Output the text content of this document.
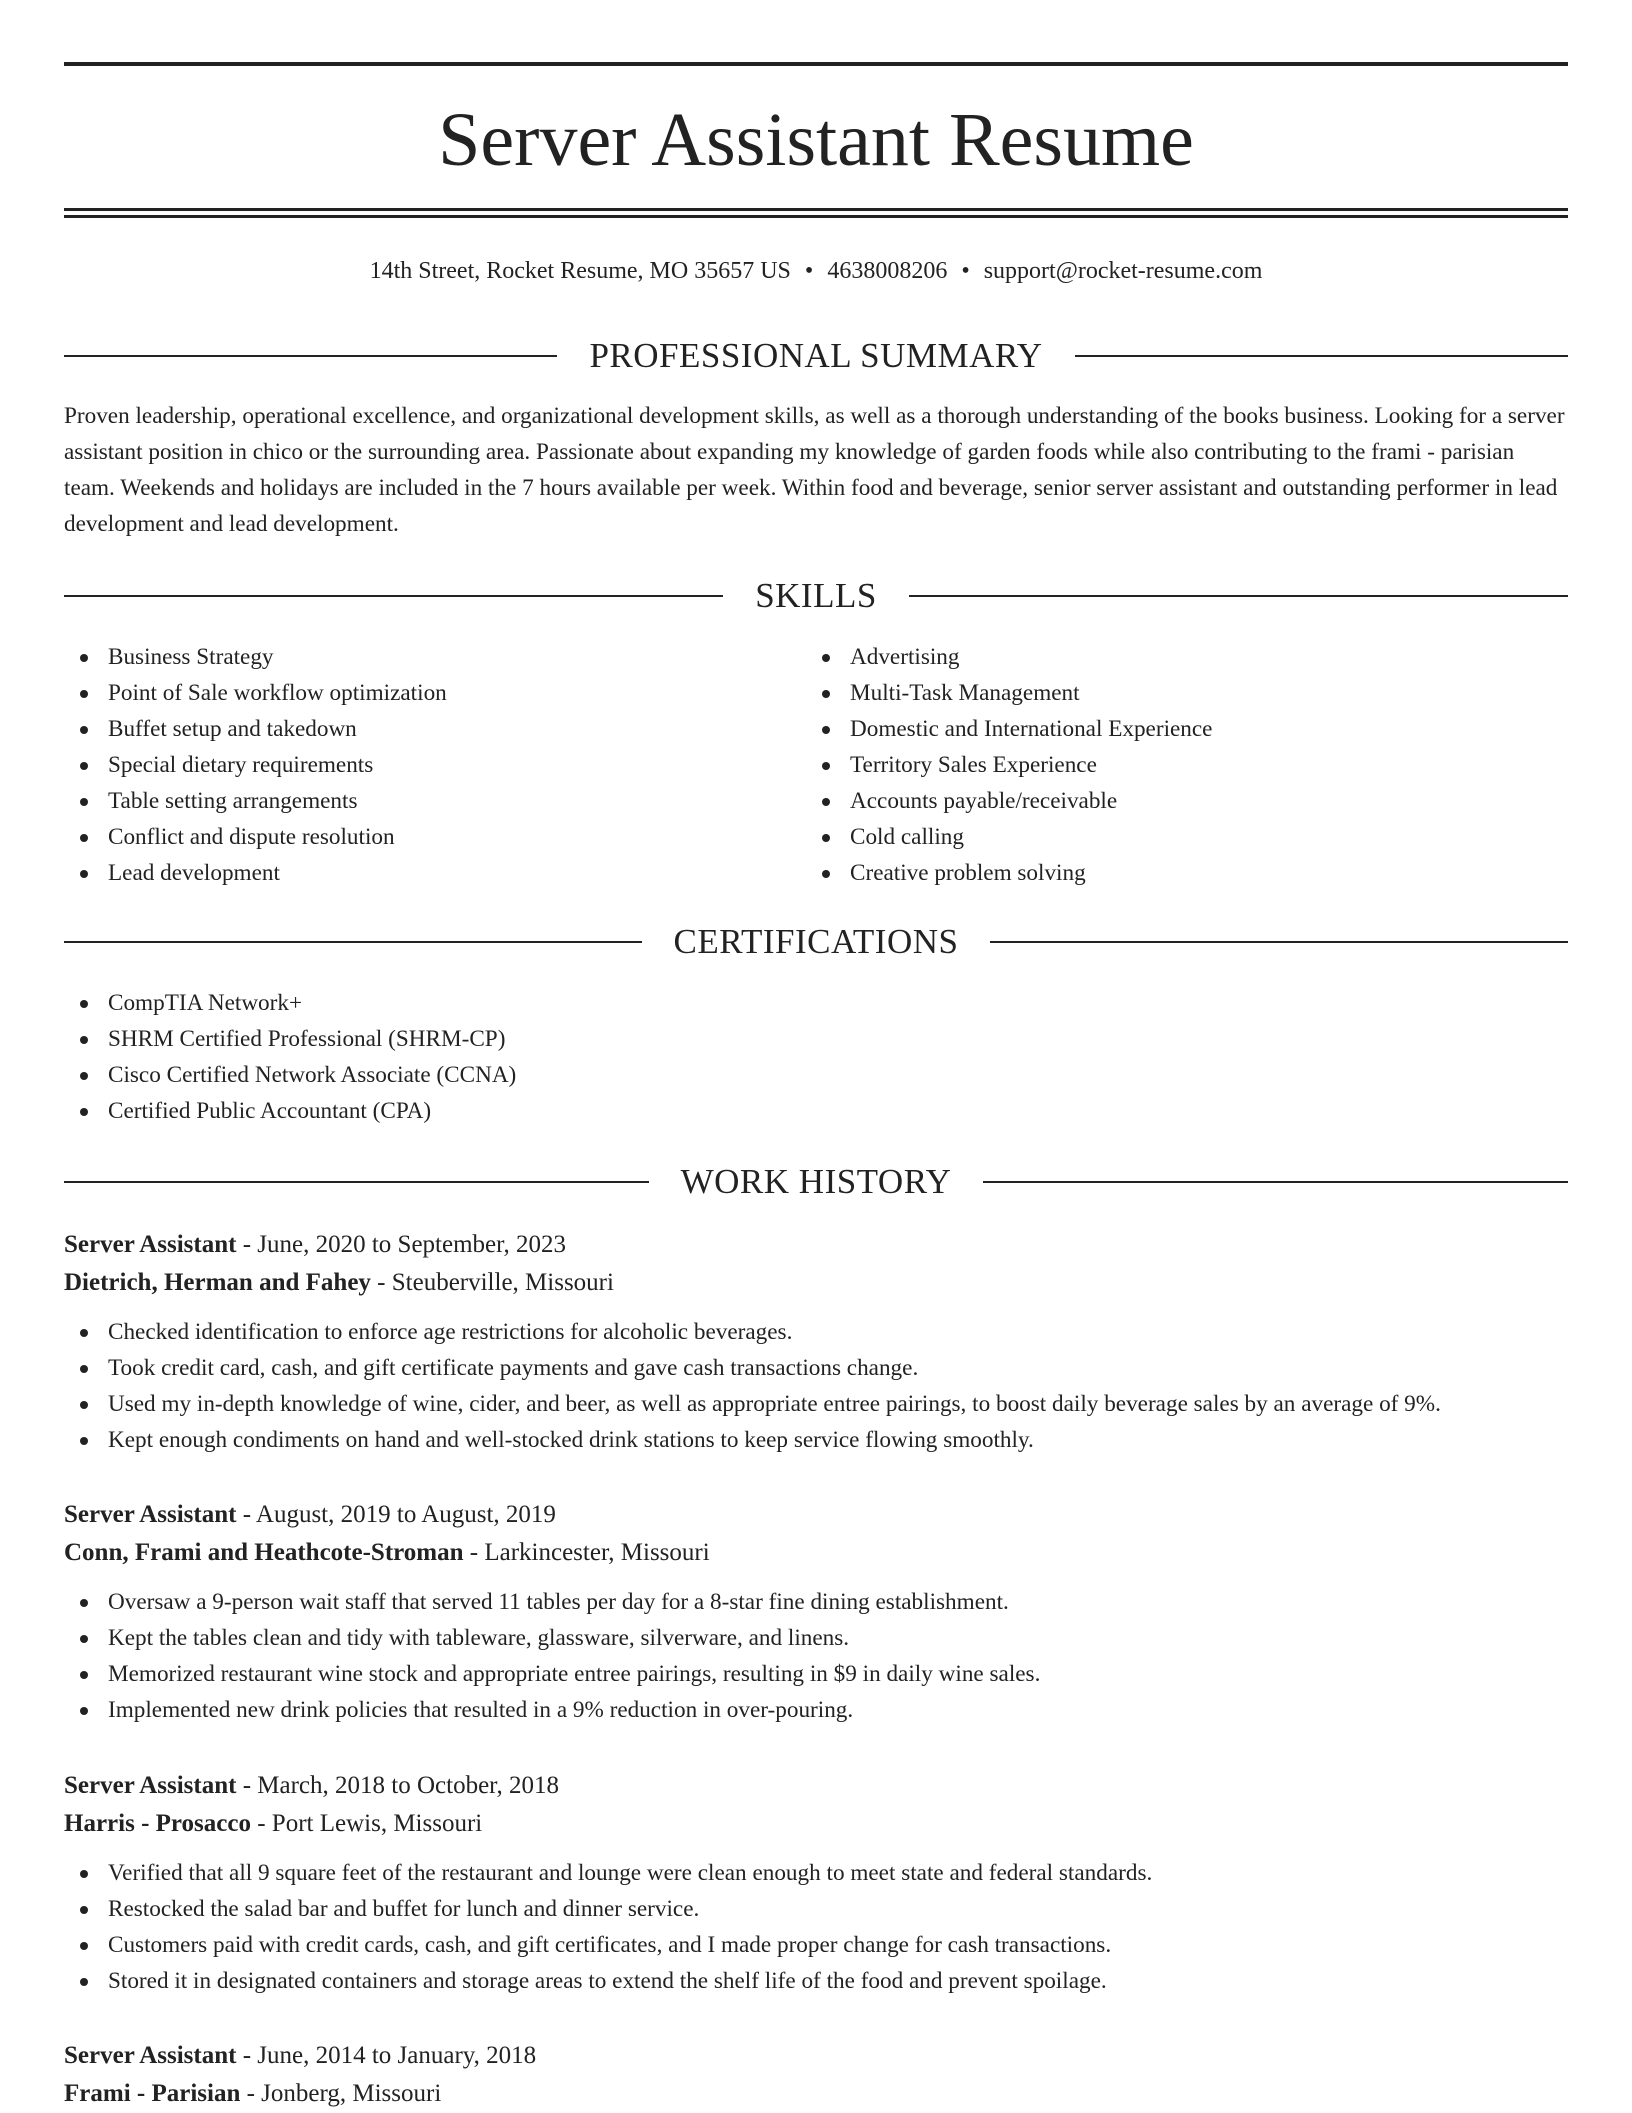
Server Assistant Resume
14th Street, Rocket Resume, MO 35657 US • 4638008206 • support@rocket-resume.com
PROFESSIONAL SUMMARY

Proven leadership, operational excellence, and organizational development skills, as well as a thorough understanding of the books business. Looking for a server assistant position in chico or the surrounding area. Passionate about expanding my knowledge of garden foods while also contributing to the frami - parisian team. Weekends and holidays are included in the 7 hours available per week. Within food and beverage, senior server assistant and outstanding performer in lead development and lead development.

SKILLS
Business Strategy
Point of Sale workflow optimization
Buffet setup and takedown
Special dietary requirements
Table setting arrangements
Conflict and dispute resolution
Lead development
Advertising
Multi-Task Management
Domestic and International Experience
Territory Sales Experience
Accounts payable/receivable
Cold calling
Creative problem solving
CERTIFICATIONS
CompTIA Network+
SHRM Certified Professional (SHRM-CP)
Cisco Certified Network Associate (CCNA)
Certified Public Accountant (CPA)
WORK HISTORY
Server Assistant - June, 2020 to September, 2023
Dietrich, Herman and Fahey - Steuberville, Missouri
Checked identification to enforce age restrictions for alcoholic beverages.
Took credit card, cash, and gift certificate payments and gave cash transactions change.
Used my in-depth knowledge of wine, cider, and beer, as well as appropriate entree pairings, to boost daily beverage sales by an average of 9%.
Kept enough condiments on hand and well-stocked drink stations to keep service flowing smoothly.
Server Assistant - August, 2019 to August, 2019
Conn, Frami and Heathcote-Stroman - Larkincester, Missouri
Oversaw a 9-person wait staff that served 11 tables per day for a 8-star fine dining establishment.
Kept the tables clean and tidy with tableware, glassware, silverware, and linens.
Memorized restaurant wine stock and appropriate entree pairings, resulting in $9 in daily wine sales.
Implemented new drink policies that resulted in a 9% reduction in over-pouring.
Server Assistant - March, 2018 to October, 2018
Harris - Prosacco - Port Lewis, Missouri
Verified that all 9 square feet of the restaurant and lounge were clean enough to meet state and federal standards.
Restocked the salad bar and buffet for lunch and dinner service.
Customers paid with credit cards, cash, and gift certificates, and I made proper change for cash transactions.
Stored it in designated containers and storage areas to extend the shelf life of the food and prevent spoilage.
Server Assistant - June, 2014 to January, 2018
Frami - Parisian - Jonberg, Missouri
